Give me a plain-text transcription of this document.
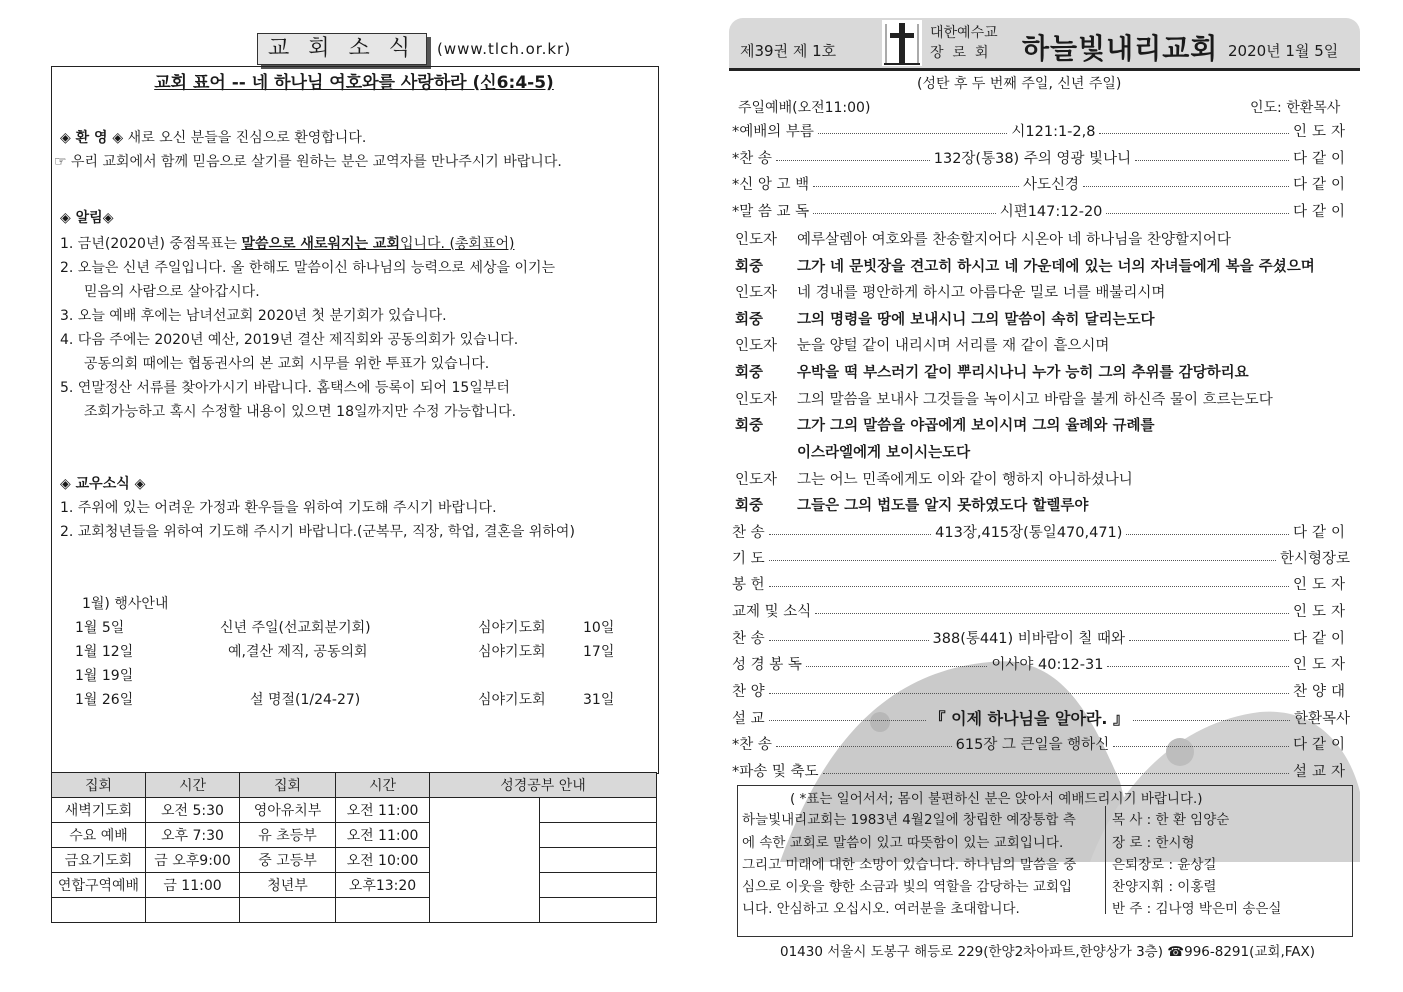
교 회 소 식	(www.tlch.or.kr)
교회 표어 -- 네 하나님 여호와를 사랑하라 (신6:4-5)
◈ 환 영 ◈ 새로 오신 분들을 진심으로 환영합니다.
☞ 우리 교회에서 함께 믿음으로 살기를 원하는 분은 교역자를 만나주시기 바랍니다.
◈ 알림◈
1. 금년(2020년) 중점목표는 말씀으로 새로워지는 교회입니다. (총회표어)
2. 오늘은 신년 주일입니다. 올 한해도 말씀이신 하나님의 능력으로 세상을 이기는
믿음의 사람으로 살아갑시다.
3. 오늘 예배 후에는 남녀선교회 2020년 첫 분기회가 있습니다.
4. 다음 주에는 2020년 예산, 2019년 결산 제직회와 공동의회가 있습니다.
공동의회 때에는 협동권사의 본 교회 시무를 위한 투표가 있습니다.
5. 연말정산 서류를 찾아가시기 바랍니다. 홈택스에 등록이 되어 15일부터
조회가능하고 혹시 수정할 내용이 있으면 18일까지만 수정 가능합니다.
◈ 교우소식 ◈
1. 주위에 있는 어려운 가정과 환우들을 위하여 기도해 주시기 바랍니다.
2. 교회청년들을 위하여 기도해 주시기 바랍니다.(군복무, 직장, 학업, 결혼을 위하여)
1월) 행사안내
1월 5일	신년 주일(선교회분기회)	심야기도회	10일
1월 12일	예,결산 제직, 공동의회	심야기도회	17일
1월 19일
1월 26일	설 명절(1/24-27)	심야기도회	31일
집회	시간	집회	시간	성경공부 안내	
새벽기도회	오전 5:30	영아유치부	오전 11:00		
수요 예배	오후 7:30	유 초등부	오전 11:00		
금요기도회	금 오후9:00	중 고등부	오전 10:00		
연합구역예배	금 11:00	청년부	오후13:20		

제39권 제 1호
대한예수교
장로회 하늘빛내리교회 2020년 1월 5일
(성탄 후 두 번째 주일, 신년 주일)
주일예배(오전11:00)	인도: 한환목사
*예배의 부름	시121:1-2,8	인도자
*찬 송	132장(통38) 주의 영광 빛나니	다같이
*신 앙 고 백	사도신경	다같이
*말 씀 교 독	시편147:12-20	다같이
인도자 예루살렘아 여호와를 찬송할지어다 시온아 네 하나님을 찬양할지어다
회중 그가 네 문빗장을 견고히 하시고 네 가운데에 있는 너의 자녀들에게 복을 주셨으며
인도자 네 경내를 평안하게 하시고 아름다운 밀로 너를 배불리시며
회중 그의 명령을 땅에 보내시니 그의 말씀이 속히 달리는도다
인도자 눈을 양털 같이 내리시며 서리를 재 같이 흩으시며
회중 우박을 떡 부스러기 같이 뿌리시나니 누가 능히 그의 추위를 감당하리요
인도자 그의 말씀을 보내사 그것들을 녹이시고 바람을 불게 하신즉 물이 흐르는도다
회중 그가 그의 말씀을 야곱에게 보이시며 그의 율례와 규례를
이스라엘에게 보이시는도다
인도자 그는 어느 민족에게도 이와 같이 행하지 아니하셨나니
회중 그들은 그의 법도를 알지 못하였도다 할렐루야
찬 송	413장,415장(통일470,471)	다같이
기 도	한시형장로
봉 헌	인도자
교제 및 소식	인도자
찬 송	388(통441) 비바람이 칠 때와	다같이
성 경 봉 독	이사야 40:12-31	인도자
찬 양	찬양대
설 교	『 이제 하나님을 알아라. 』	한환목사
*찬 송	615장 그 큰일을 행하신	다같이
*파송 및 축도	설교자
( *표는 일어서서; 몸이 불편하신 분은 앉아서 예배드리시기 바랍니다.)
하늘빛내리교회는 1983년 4월2일에 창립한 예장통합 측
에 속한 교회로 말씀이 있고 따뜻함이 있는 교회입니다.
그리고 미래에 대한 소망이 있습니다. 하나님의 말씀을 중
심으로 이웃을 향한 소금과 빛의 역할을 감당하는 교회입
니다. 안심하고 오십시오. 여러분을 초대합니다.
목 사 : 한 환 임양순
장 로 : 한시형
은퇴장로 : 윤상길
찬양지휘 : 이홍렬
반 주 : 김나영 박은미 송은실
01430 서울시 도봉구 해등로 229(한양2차아파트,한양상가 3층) ☎996-8291(교회,FAX)
